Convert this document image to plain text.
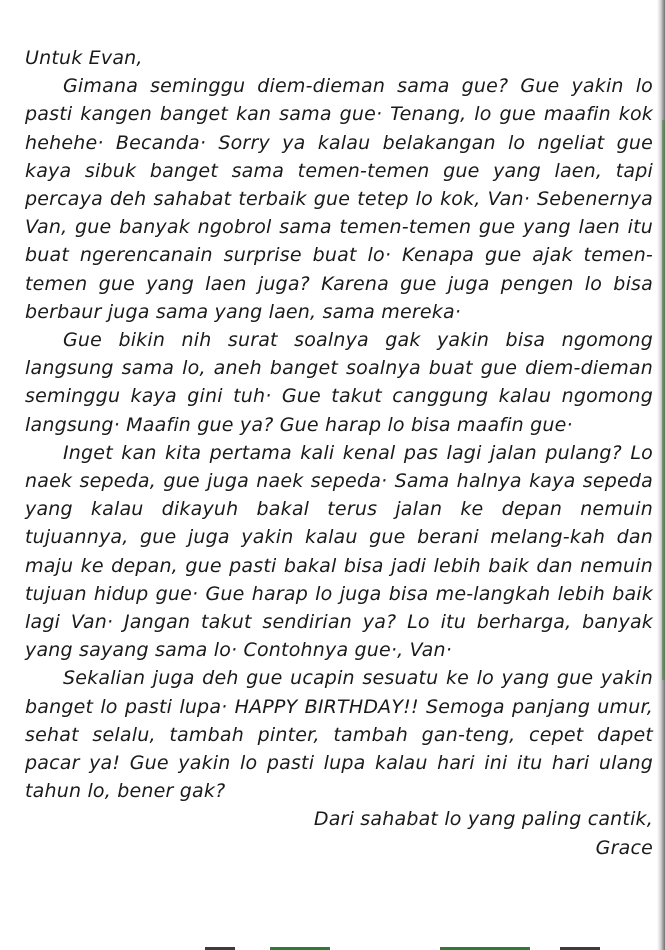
Untuk Evan,

Gimana seminggu diem-dieman sama gue? Gue yakin lo pasti kangen banget kan sama gue· Tenang, lo gue maafin kok hehehe· Becanda· Sorry ya kalau belakangan lo ngeliat gue kaya sibuk banget sama temen-temen gue yang laen, tapi percaya deh sahabat terbaik gue tetep lo kok, Van· Sebenernya Van, gue banyak ngobrol sama temen-temen gue yang laen itu buat ngerencanain surprise buat lo· Kenapa gue ajak temen-temen gue yang laen juga? Karena gue juga pengen lo bisa berbaur juga sama yang laen, sama mereka·

Gue bikin nih surat soalnya gak yakin bisa ngomong langsung sama lo, aneh banget soalnya buat gue diem-dieman seminggu kaya gini tuh· Gue takut canggung kalau ngomong langsung· Maafin gue ya? Gue harap lo bisa maafin gue·

Inget kan kita pertama kali kenal pas lagi jalan pulang? Lo naek sepeda, gue juga naek sepeda· Sama halnya kaya sepeda yang kalau dikayuh bakal terus jalan ke depan nemuin tujuannya, gue juga yakin kalau gue berani melang-kah dan maju ke depan, gue pasti bakal bisa jadi lebih baik dan nemuin tujuan hidup gue· Gue harap lo juga bisa me-langkah lebih baik lagi Van· Jangan takut sendirian ya? Lo itu berharga, banyak yang sayang sama lo· Contohnya gue·, Van·

Sekalian juga deh gue ucapin sesuatu ke lo yang gue yakin banget lo pasti lupa· HAPPY BIRTHDAY!! Semoga panjang umur, sehat selalu, tambah pinter, tambah gan-teng, cepet dapet pacar ya! Gue yakin lo pasti lupa kalau hari ini itu hari ulang tahun lo, bener gak?

Dari sahabat lo yang paling cantik,

Grace
